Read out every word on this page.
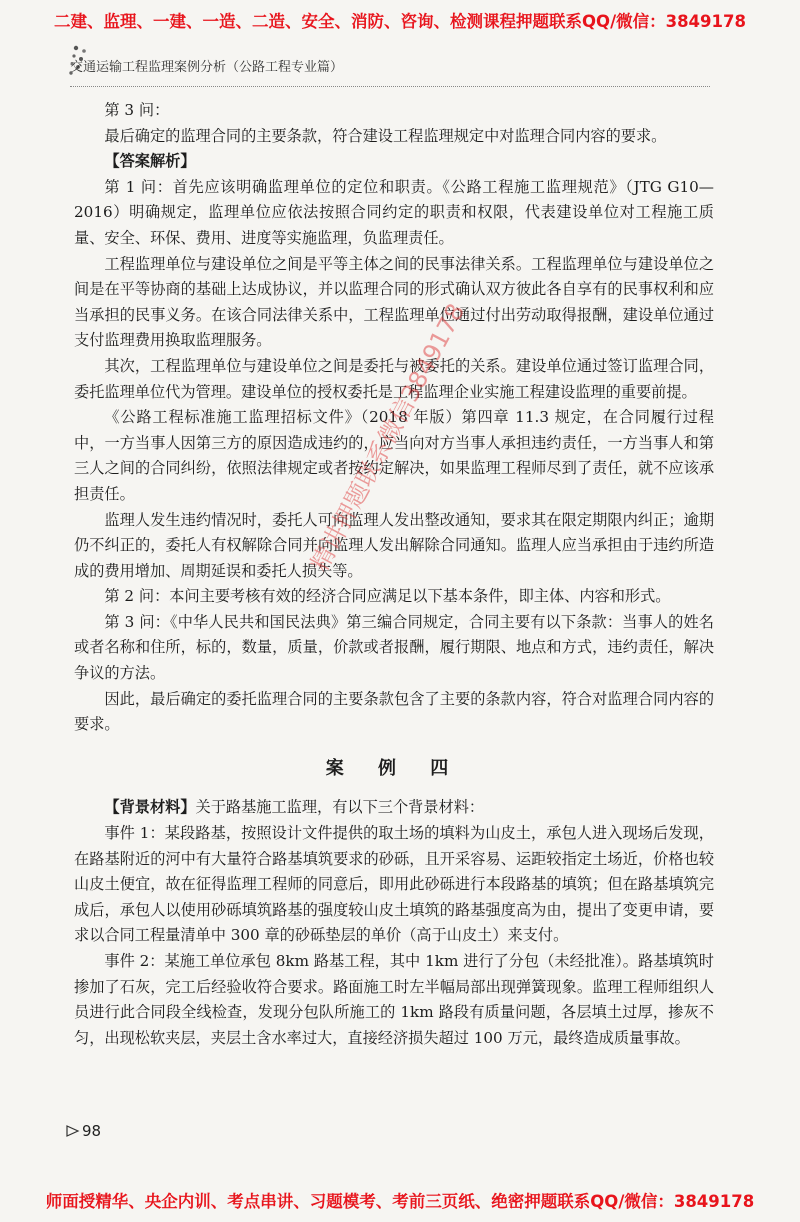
二建、监理、一建、一造、二造、安全、消防、咨询、检测课程押题联系QQ/微信：3849178
交通运输工程监理案例分析（公路工程专业篇）

第 3 问：

最后确定的监理合同的主要条款，符合建设工程监理规定中对监理合同内容的要求。

【答案解析】

第 1 问：首先应该明确监理单位的定位和职责。《公路工程施工监理规范》（JTG G10—2016）明确规定，监理单位应依法按照合同约定的职责和权限，代表建设单位对工程施工质量、安全、环保、费用、进度等实施监理，负监理责任。

工程监理单位与建设单位之间是平等主体之间的民事法律关系。工程监理单位与建设单位之间是在平等协商的基础上达成协议，并以监理合同的形式确认双方彼此各自享有的民事权利和应当承担的民事义务。在该合同法律关系中，工程监理单位通过付出劳动取得报酬，建设单位通过支付监理费用换取监理服务。

其次，工程监理单位与建设单位之间是委托与被委托的关系。建设单位通过签订监理合同，委托监理单位代为管理。建设单位的授权委托是工程监理企业实施工程建设监理的重要前提。

《公路工程标准施工监理招标文件》（2018 年版）第四章 11.3 规定，在合同履行过程中，一方当事人因第三方的原因造成违约的，应当向对方当事人承担违约责任，一方当事人和第三人之间的合同纠纷，依照法律规定或者按约定解决，如果监理工程师尽到了责任，就不应该承担责任。

监理人发生违约情况时，委托人可向监理人发出整改通知，要求其在限定期限内纠正；逾期仍不纠正的，委托人有权解除合同并向监理人发出解除合同通知。监理人应当承担由于违约所造成的费用增加、周期延误和委托人损失等。

第 2 问：本问主要考核有效的经济合同应满足以下基本条件，即主体、内容和形式。

第 3 问：《中华人民共和国民法典》第三编合同规定，合同主要有以下条款：当事人的姓名或者名称和住所，标的，数量，质量，价款或者报酬，履行期限、地点和方式，违约责任，解决争议的方法。

因此，最后确定的委托监理合同的主要条款包含了主要的条款内容，符合对监理合同内容的要求。

案 例 四

【背景材料】关于路基施工监理，有以下三个背景材料：

事件 1：某段路基，按照设计文件提供的取土场的填料为山皮土，承包人进入现场后发现，在路基附近的河中有大量符合路基填筑要求的砂砾，且开采容易、运距较指定土场近，价格也较山皮土便宜，故在征得监理工程师的同意后，即用此砂砾进行本段路基的填筑；但在路基填筑完成后，承包人以使用砂砾填筑路基的强度较山皮土填筑的路基强度高为由，提出了变更申请，要求以合同工程量清单中 300 章的砂砾垫层的单价（高于山皮土）来支付。

事件 2：某施工单位承包 8km 路基工程，其中 1km 进行了分包（未经批准）。路基填筑时掺加了石灰，完工后经验收符合要求。路面施工时左半幅局部出现弹簧现象。监理工程师组织人员进行此合同段全线检查，发现分包队所施工的 1km 路段有质量问题，各层填土过厚，掺灰不匀，出现松软夹层，夹层土含水率过大，直接经济损失超过 100 万元，最终造成质量事故。

精讲押题联系微信3849178
98
师面授精华、央企内训、考点串讲、习题模考、考前三页纸、绝密押题联系QQ/微信：3849178
